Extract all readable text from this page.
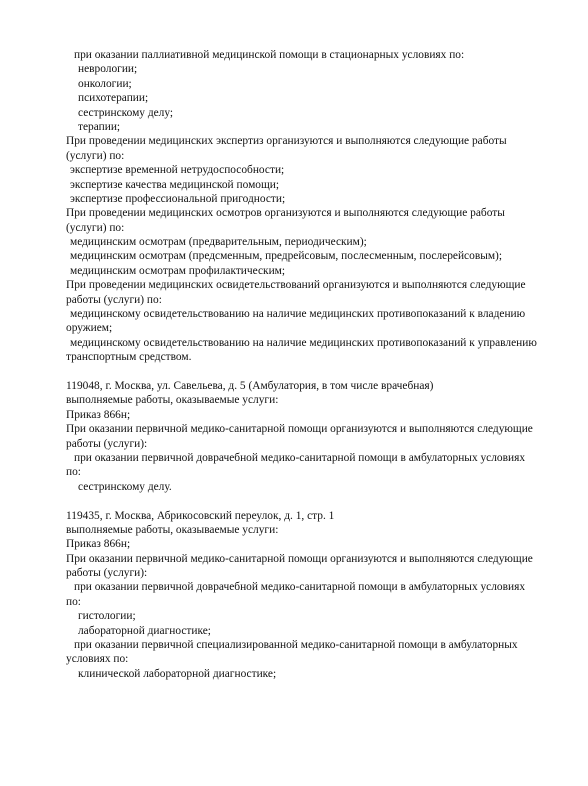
при оказании паллиативной медицинской помощи в стационарных условиях по:
неврологии;
онкологии;
психотерапии;
сестринскому делу;
терапии;
При проведении медицинских экспертиз организуются и выполняются следующие работы
(услуги) по:
экспертизе временной нетрудоспособности;
экспертизе качества медицинской помощи;
экспертизе профессиональной пригодности;
При проведении медицинских осмотров организуются и выполняются следующие работы
(услуги) по:
медицинским осмотрам (предварительным, периодическим);
медицинским осмотрам (предсменным, предрейсовым, послесменным, послерейсовым);
медицинским осмотрам профилактическим;
При проведении медицинских освидетельствований организуются и выполняются следующие
работы (услуги) по:
медицинскому освидетельствованию на наличие медицинских противопоказаний к владению
оружием;
медицинскому освидетельствованию на наличие медицинских противопоказаний к управлению
транспортным средством.
119048, г. Москва, ул. Савельева, д. 5 (Амбулатория, в том числе врачебная)
выполняемые работы, оказываемые услуги:
Приказ 866н;
При оказании первичной медико-санитарной помощи организуются и выполняются следующие
работы (услуги):
при оказании первичной доврачебной медико-санитарной помощи в амбулаторных условиях
по:
сестринскому делу.
119435, г. Москва, Абрикосовский переулок, д. 1, стр. 1
выполняемые работы, оказываемые услуги:
Приказ 866н;
При оказании первичной медико-санитарной помощи организуются и выполняются следующие
работы (услуги):
при оказании первичной доврачебной медико-санитарной помощи в амбулаторных условиях
по:
гистологии;
лабораторной диагностике;
при оказании первичной специализированной медико-санитарной помощи в амбулаторных
условиях по:
клинической лабораторной диагностике;
